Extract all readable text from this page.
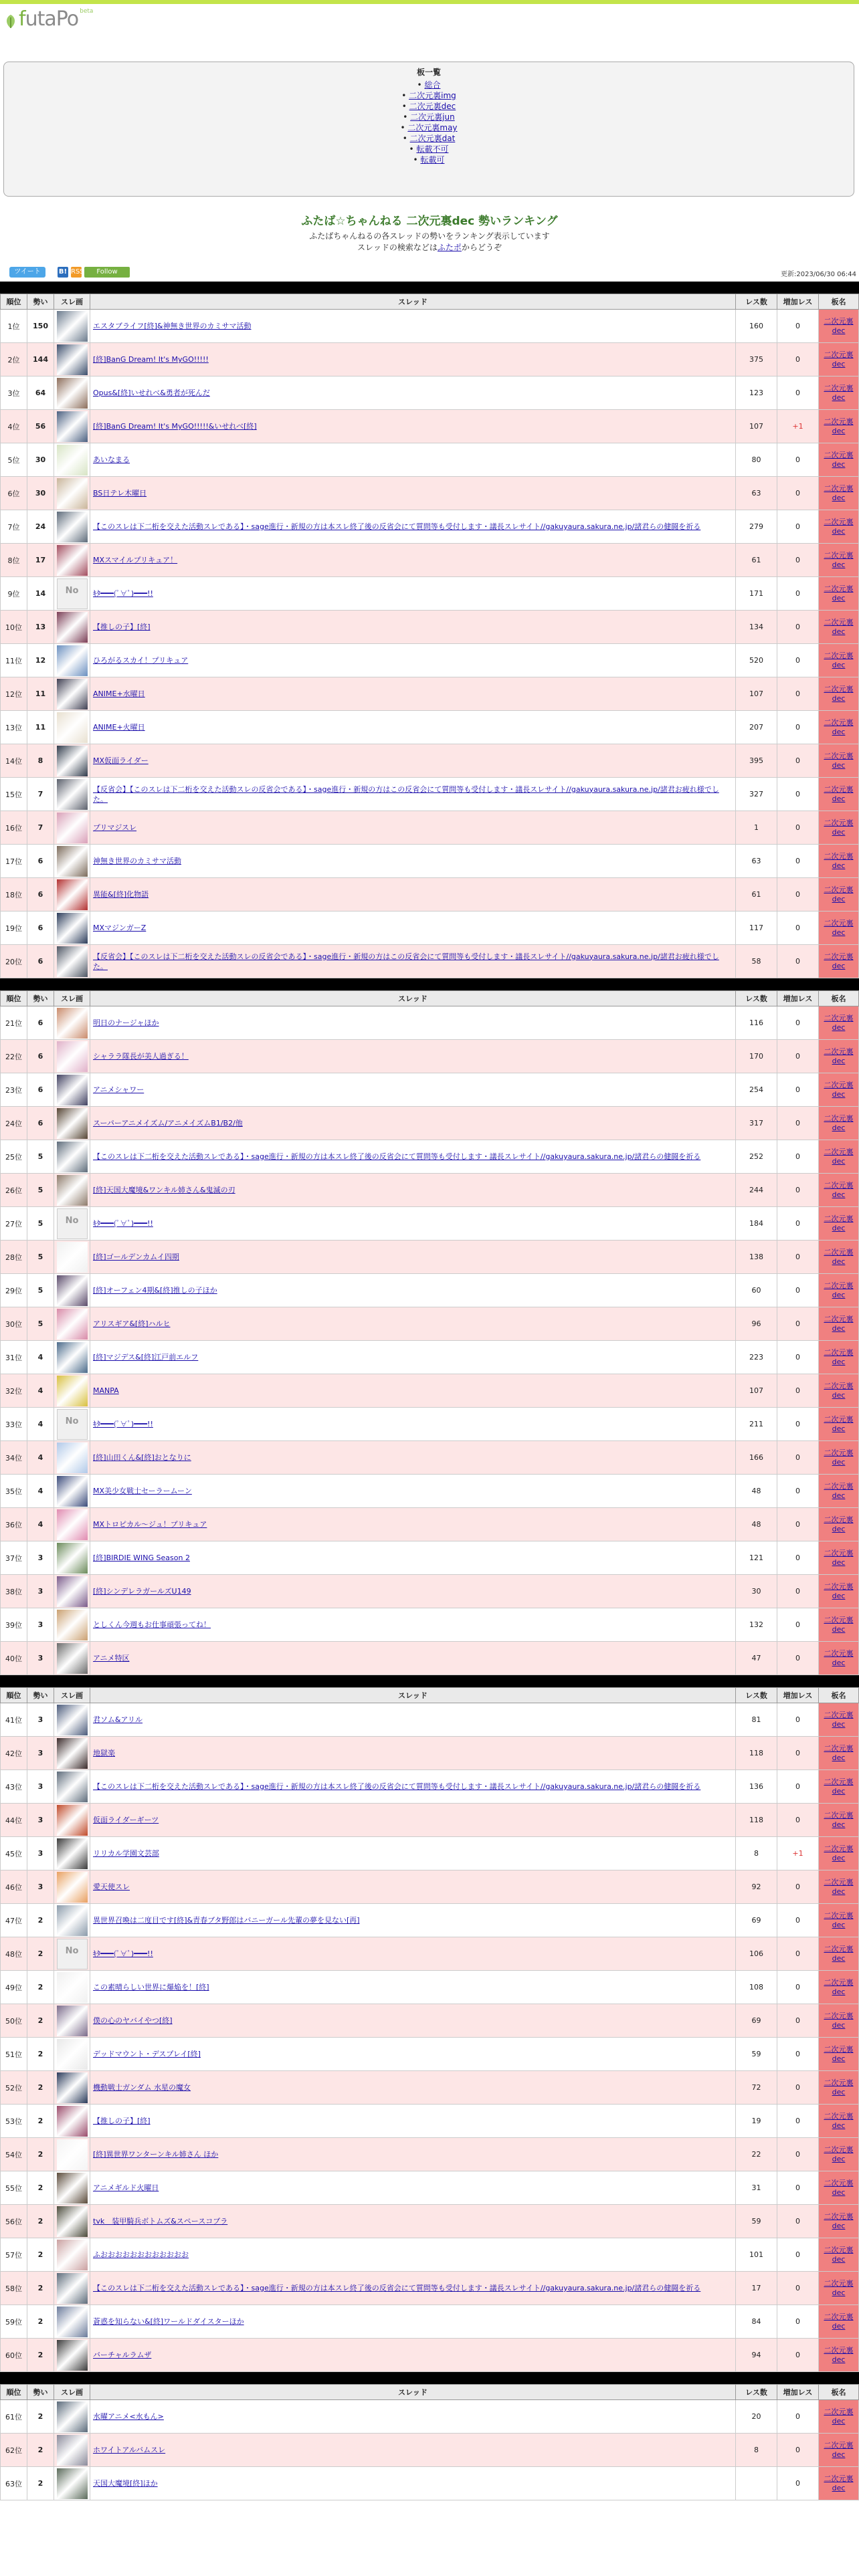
futaPo beta
板一覧
• 総合
• 二次元裏img
• 二次元裏dec
• 二次元裏jun
• 二次元裏may
• 二次元裏dat
• 転載不可
• 転載可
ふたば☆ちゃんねる 二次元裏dec 勢いランキング

ふたばちゃんねるの各スレッドの勢いをランキング表示しています
スレッドの検索などはふたポからどうぞ

ツイート	B! RSS	Follow	更新:2023/06/30 06:44
順位	勢い	スレ画	スレッド	レス数	増加レス	板名
1位	150		エスタブライフ[終]&神無き世界のカミサマ活動	160	0	二次元裏dec
2位	144		[終]BanG Dream! It's MyGO!!!!!	375	0	二次元裏dec
3位	64		Opus&[終]いせれべ&勇者が死んだ	123	0	二次元裏dec
4位	56		[終]BanG Dream! It's MyGO!!!!!&いせれべ[終]	107	+1	二次元裏dec
5位	30		あいなまる	80	0	二次元裏dec
6位	30		BS日テレ木曜日	63	0	二次元裏dec
7位	24		【このスレは下二桁を交えた活動スレである】・sage進行・新規の方は本スレ終了後の反省会にて質問等も受付します・議長スレサイト//gakuyaura.sakura.ne.jp/諸君らの健闘を祈る	279	0	二次元裏dec
8位	17		MXスマイルプリキュア！	61	0	二次元裏dec
9位	14	No	ｷﾀ━━━(ﾟ∀ﾟ)━━━!!	171	0	二次元裏dec
10位	13		【推しの子】[終]	134	0	二次元裏dec
11位	12		ひろがるスカイ！プリキュア	520	0	二次元裏dec
12位	11		ANIME+水曜日	107	0	二次元裏dec
13位	11		ANIME+火曜日	207	0	二次元裏dec
14位	8		MX仮面ライダー	395	0	二次元裏dec
15位	7		【反省会】【このスレは下二桁を交えた活動スレの反省会である】・sage進行・新規の方はこの反省会にて質問等も受付します・議長スレサイト//gakuyaura.sakura.ne.jp/諸君お疲れ様でした。	327	0	二次元裏dec
16位	7		プリマジスレ	1	0	二次元裏dec
17位	6		神無き世界のカミサマ活動	63	0	二次元裏dec
18位	6		異能&[終]化物語	61	0	二次元裏dec
19位	6		MXマジンガーZ	117	0	二次元裏dec
20位	6		【反省会】【このスレは下二桁を交えた活動スレの反省会である】・sage進行・新規の方はこの反省会にて質問等も受付します・議長スレサイト//gakuyaura.sakura.ne.jp/諸君お疲れ様でした。	58	0	二次元裏dec
順位	勢い	スレ画	スレッド	レス数	増加レス	板名
21位	6		明日のナージャほか	116	0	二次元裏dec
22位	6		シャララ隊長が美人過ぎる！	170	0	二次元裏dec
23位	6		アニメシャワー	254	0	二次元裏dec
24位	6		スーパーアニメイズム/アニメイズムB1/B2/他	317	0	二次元裏dec
25位	5		【このスレは下二桁を交えた活動スレである】・sage進行・新規の方は本スレ終了後の反省会にて質問等も受付します・議長スレサイト//gakuyaura.sakura.ne.jp/諸君らの健闘を祈る	252	0	二次元裏dec
26位	5		[終]天国大魔境&ワンキル姉さん&鬼滅の刃	244	0	二次元裏dec
27位	5	No	ｷﾀ━━━(ﾟ∀ﾟ)━━━!!	184	0	二次元裏dec
28位	5		[終]ゴールデンカムイ四期	138	0	二次元裏dec
29位	5		[終]オーフェン4期&[終]推しの子ほか	60	0	二次元裏dec
30位	5		アリスギア&[終]ハルヒ	96	0	二次元裏dec
31位	4		[終]マジデス&[終]江戸前エルフ	223	0	二次元裏dec
32位	4		MANPA	107	0	二次元裏dec
33位	4	No	ｷﾀ━━━(ﾟ∀ﾟ)━━━!!	211	0	二次元裏dec
34位	4		[終]山田くん&[終]おとなりに	166	0	二次元裏dec
35位	4		MX美少女戦士セーラームーン	48	0	二次元裏dec
36位	4		MXトロピカル〜ジュ！プリキュア	48	0	二次元裏dec
37位	3		[終]BIRDIE WING Season 2	121	0	二次元裏dec
38位	3		[終]シンデレラガールズU149	30	0	二次元裏dec
39位	3		としくん今週もお仕事頑張ってね！	132	0	二次元裏dec
40位	3		アニメ特区	47	0	二次元裏dec
順位	勢い	スレ画	スレッド	レス数	増加レス	板名
41位	3		君ソム&アリル	81	0	二次元裏dec
42位	3		地獄楽	118	0	二次元裏dec
43位	3		【このスレは下二桁を交えた活動スレである】・sage進行・新規の方は本スレ終了後の反省会にて質問等も受付します・議長スレサイト//gakuyaura.sakura.ne.jp/諸君らの健闘を祈る	136	0	二次元裏dec
44位	3		仮面ライダーギーツ	118	0	二次元裏dec
45位	3		リリカル学園文芸部	8	+1	二次元裏dec
46位	3		愛天使スレ	92	0	二次元裏dec
47位	2		異世界召喚は二度目です[終]&青春ブタ野郎はバニーガール先輩の夢を見ない[再]	69	0	二次元裏dec
48位	2	No	ｷﾀ━━━(ﾟ∀ﾟ)━━━!!	106	0	二次元裏dec
49位	2		この素晴らしい世界に爆焔を！[終]	108	0	二次元裏dec
50位	2		僕の心のヤバイやつ[終]	69	0	二次元裏dec
51位	2		デッドマウント・デスプレイ[終]	59	0	二次元裏dec
52位	2		機動戦士ガンダム 水星の魔女	72	0	二次元裏dec
53位	2		【推しの子】[終]	19	0	二次元裏dec
54位	2		[終]異世界ワンターンキル姉さん ほか	22	0	二次元裏dec
55位	2		アニメギルド火曜日	31	0	二次元裏dec
56位	2		tvk　装甲騎兵ボトムズ&スペースコブラ	59	0	二次元裏dec
57位	2		ふおおおおおおおおおおおお	101	0	二次元裏dec
58位	2		【このスレは下二桁を交えた活動スレである】・sage進行・新規の方は本スレ終了後の反省会にて質問等も受付します・議長スレサイト//gakuyaura.sakura.ne.jp/諸君らの健闘を祈る	17	0	二次元裏dec
59位	2		蒼惑を知らない&[終]ワールドダイスターほか	84	0	二次元裏dec
60位	2		バーチャルラムザ	94	0	二次元裏dec
順位	勢い	スレ画	スレッド	レス数	増加レス	板名
61位	2		水曜アニメ<水もん>	20	0	二次元裏dec
62位	2		ホワイトアルバムスレ	8	0	二次元裏dec
63位	2		天国大魔境[終]ほか		0	二次元裏dec
